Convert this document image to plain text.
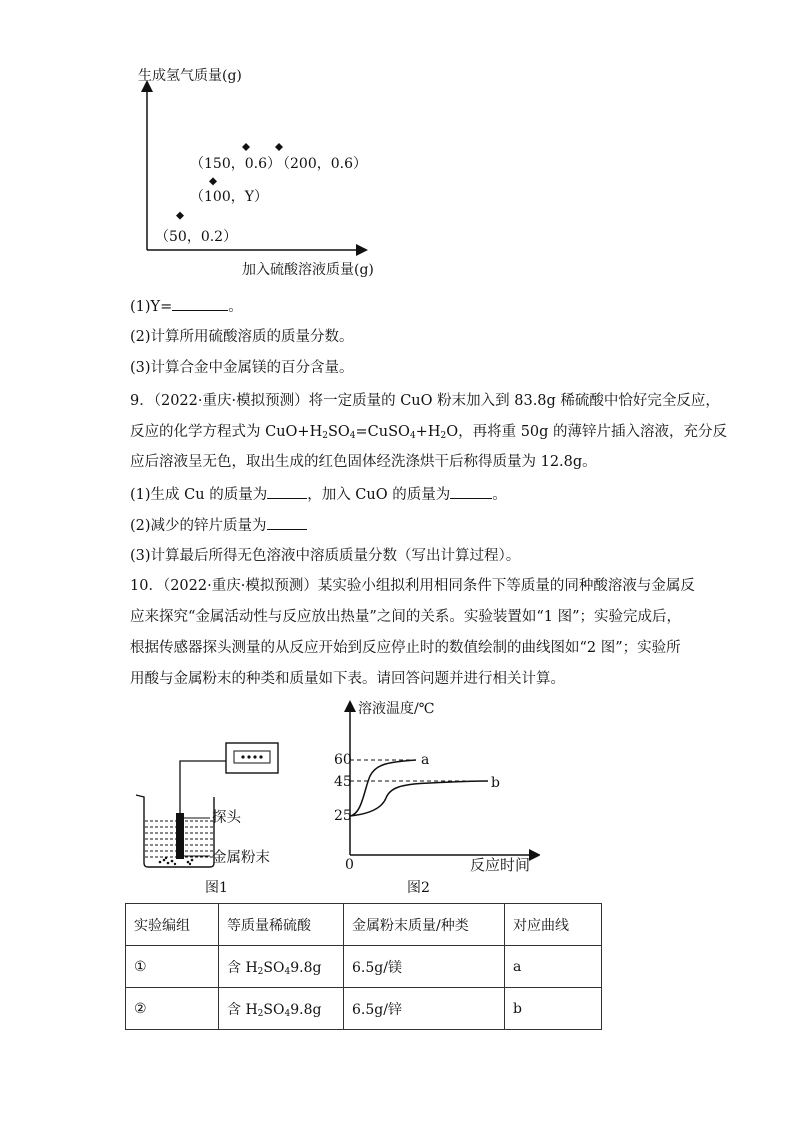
生成氢气质量(g)
（50，0.2）
（100，Y）
（150，0.6）
（200，0.6）
加入硫酸溶液质量(g)
(1)Y=	。
(2)计算所用硫酸溶质的质量分数。
(3)计算合金中金属镁的百分含量。
9．（2022·重庆·模拟预测）将一定质量的 CuO 粉末加入到 83.8g 稀硫酸中恰好完全反应，
反应的化学方程式为 $CuO+H_2SO_4=CuSO_4+H_2O$，再将重 50g 的薄锌片插入溶液，充分反
应后溶液呈无色，取出生成的红色固体经洗涤烘干后称得质量为 12.8g。
(1)生成 Cu 的质量为	，加入 CuO 的质量为	。
(2)减少的锌片质量为
(3)计算最后所得无色溶液中溶质质量分数（写出计算过程）。
10．（2022·重庆·模拟预测）某实验小组拟利用相同条件下等质量的同种酸溶液与金属反
应来探究“金属活动性与反应放出热量”之间的关系。实验装置如“1 图”；实验完成后，
根据传感器探头测量的从反应开始到反应停止时的数值绘制的曲线图如“2 图”；实验所
用酸与金属粉末的种类和质量如下表。请回答问题并进行相关计算。
探头
金属粉末
图1
溶液温度/℃
60
45
25
a
b
0	反应时间
图2
实验编组	等质量稀硫酸	金属粉末质量/种类	对应曲线
①	含 $H_2SO_49.8g$	6.5g/镁	a
②	含 $H_2SO_49.8g$	6.5g/锌	b
